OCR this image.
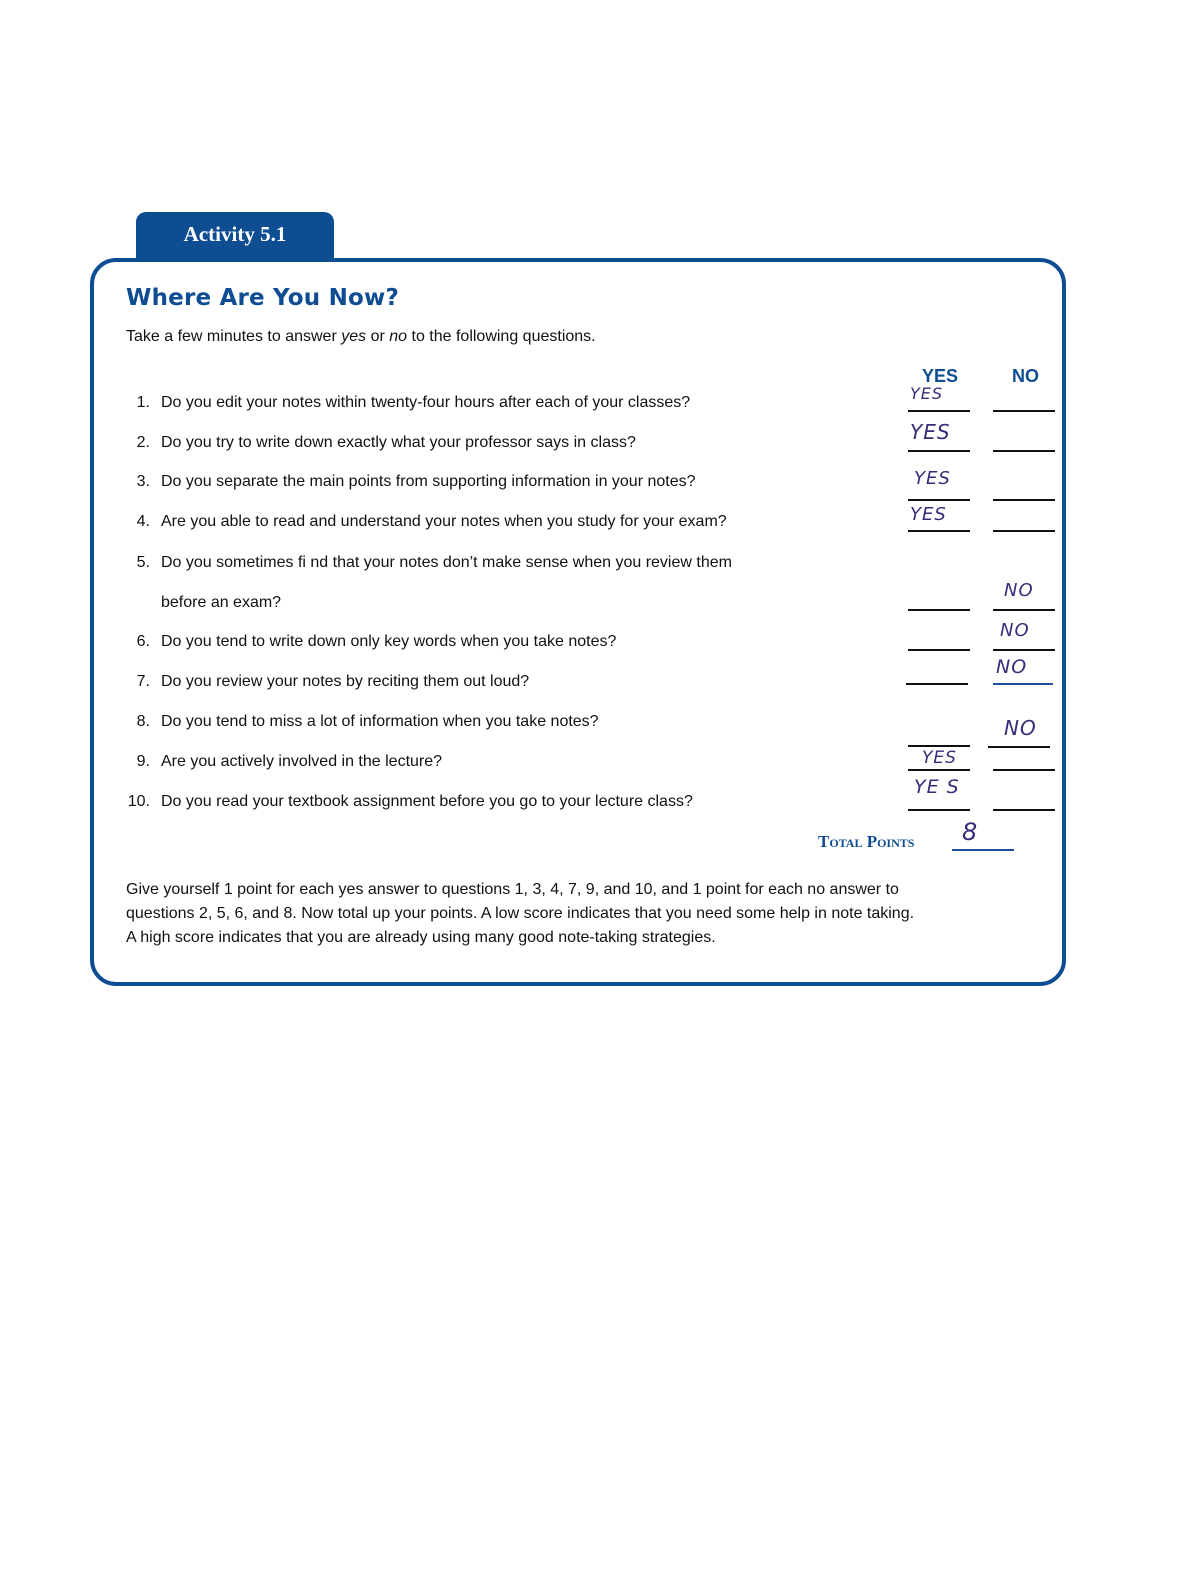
Activity 5.1
Where Are You Now?
Take a few minutes to answer yes or no to the following questions.
YES	NO
1. Do you edit your notes within twenty-four hours after each of your classes?
2. Do you try to write down exactly what your professor says in class?
3. Do you separate the main points from supporting information in your notes?
4. Are you able to read and understand your notes when you study for your exam?
5. Do you sometimes fi nd that your notes don’t make sense when you review them
before an exam?
6. Do you tend to write down only key words when you take notes?
7. Do you review your notes by reciting them out loud?
8. Do you tend to miss a lot of information when you take notes?
9. Are you actively involved in the lecture?
10. Do you read your textbook assignment before you go to your lecture class?
YES
YES
YES
YES
NO
NO
NO
NO
YES
YE S
Total Points 8
Give yourself 1 point for each yes answer to questions 1, 3, 4, 7, 9, and 10, and 1 point for each no answer to
questions 2, 5, 6, and 8. Now total up your points. A low score indicates that you need some help in note taking.
A high score indicates that you are already using many good note-taking strategies.
